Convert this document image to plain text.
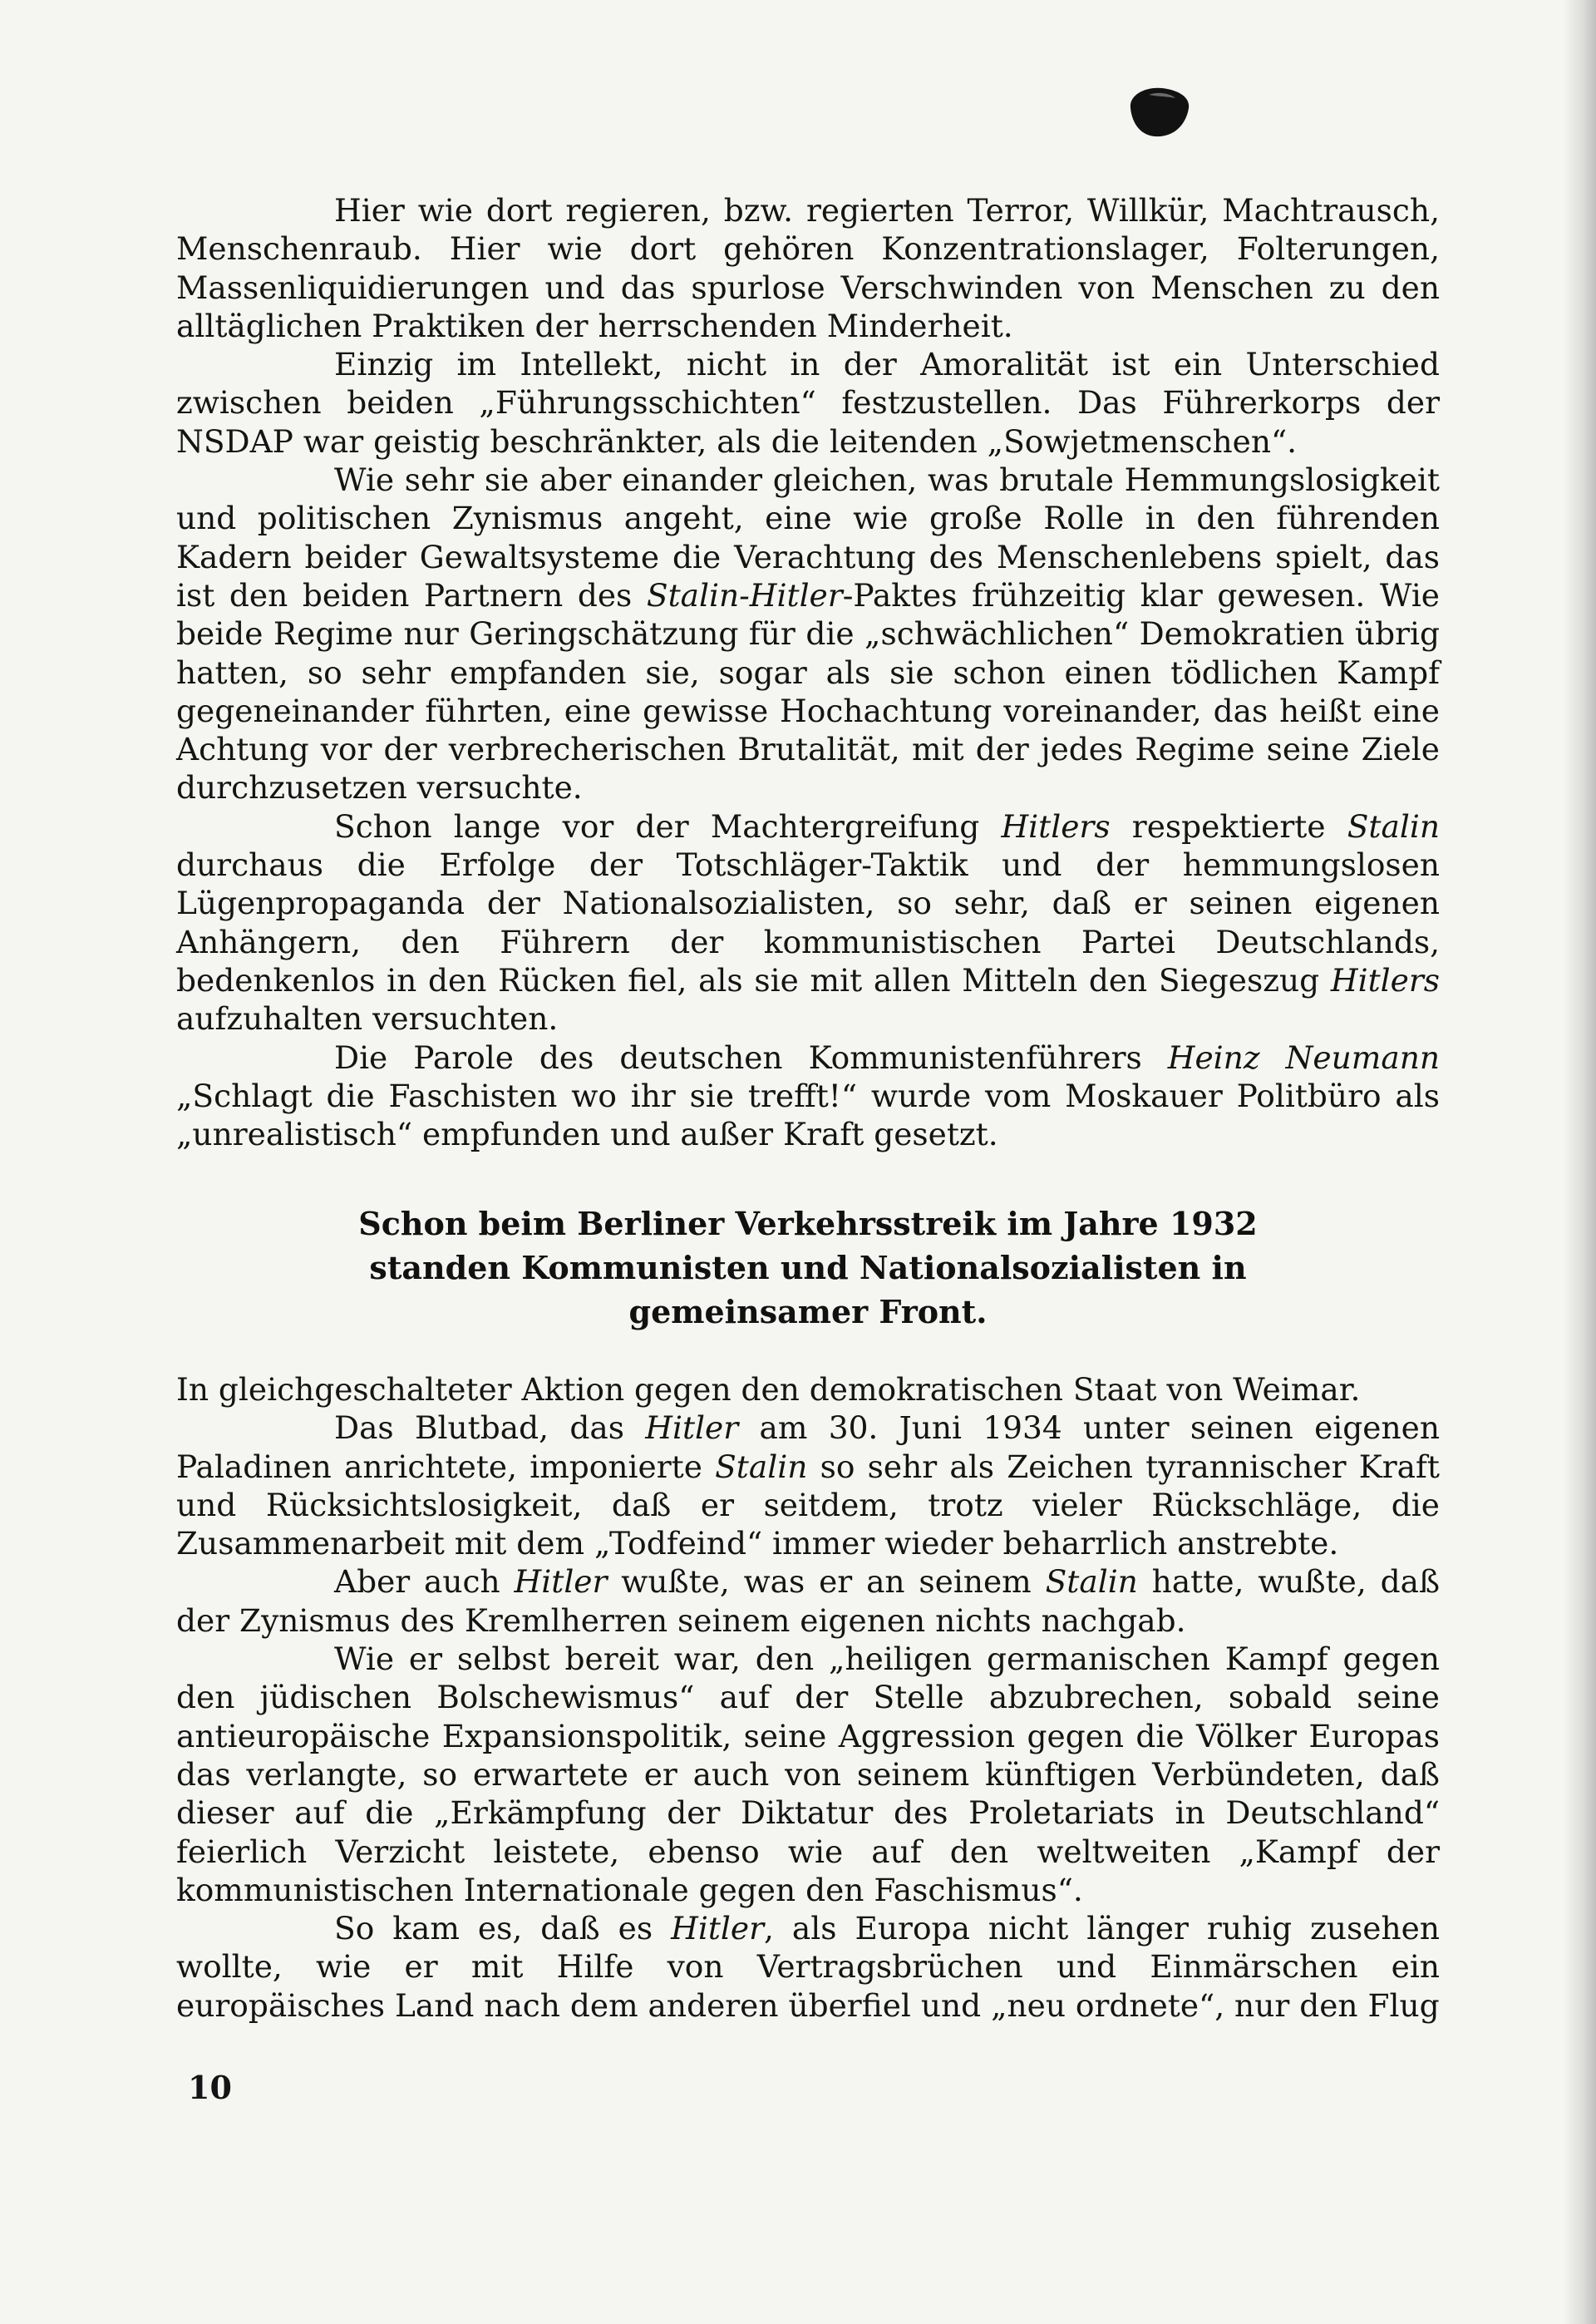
Hier wie dort regieren, bzw. regierten Terror, Willkür, Machtrausch, Menschenraub. Hier wie dort gehören Konzentrationslager, Folterungen, Massenliquidierungen und das spurlose Verschwinden von Menschen zu den alltäglichen Praktiken der herrschenden Minderheit.

Einzig im Intellekt, nicht in der Amoralität ist ein Unterschied zwischen beiden „Führungsschichten“ festzustellen. Das Führerkorps der NSDAP war geistig beschränkter, als die leitenden „Sowjetmenschen“.

Wie sehr sie aber einander gleichen, was brutale Hemmungslosigkeit und politischen Zynismus angeht, eine wie große Rolle in den führenden Kadern beider Gewaltsysteme die Verachtung des Menschenlebens spielt, das ist den beiden Partnern des Stalin-Hitler-Paktes frühzeitig klar gewesen. Wie beide Regime nur Geringschätzung für die „schwächlichen“ Demokratien übrig hatten, so sehr empfanden sie, sogar als sie schon einen tödlichen Kampf gegeneinander führten, eine gewisse Hochachtung voreinander, das heißt eine Achtung vor der verbrecherischen Brutalität, mit der jedes Regime seine Ziele durchzusetzen versuchte.

Schon lange vor der Machtergreifung Hitlers respektierte Stalin durchaus die Erfolge der Totschläger-Taktik und der hemmungslosen Lügenpropaganda der Nationalsozialisten, so sehr, daß er seinen eigenen Anhängern, den Führern der kommunistischen Partei Deutschlands, bedenkenlos in den Rücken fiel, als sie mit allen Mitteln den Siegeszug Hitlers aufzuhalten versuchten.

Die Parole des deutschen Kommunistenführers Heinz Neumann „Schlagt die Faschisten wo ihr sie trefft!“ wurde vom Moskauer Politbüro als „unrealistisch“ empfunden und außer Kraft gesetzt.

Schon beim Berliner Verkehrsstreik im Jahre 1932
standen Kommunisten und Nationalsozialisten in
gemeinsamer Front.

In gleichgeschalteter Aktion gegen den demokratischen Staat von Weimar.

Das Blutbad, das Hitler am 30. Juni 1934 unter seinen eigenen Paladinen anrichtete, imponierte Stalin so sehr als Zeichen tyrannischer Kraft und Rücksichtslosigkeit, daß er seitdem, trotz vieler Rückschläge, die Zusammenarbeit mit dem „Todfeind“ immer wieder beharrlich anstrebte.

Aber auch Hitler wußte, was er an seinem Stalin hatte, wußte, daß der Zynismus des Kremlherren seinem eigenen nichts nachgab.

Wie er selbst bereit war, den „heiligen germanischen Kampf gegen den jüdischen Bolschewismus“ auf der Stelle abzubrechen, sobald seine antieuropäische Expansionspolitik, seine Aggression gegen die Völker Europas das verlangte, so erwartete er auch von seinem künftigen Verbündeten, daß dieser auf die „Erkämpfung der Diktatur des Proletariats in Deutschland“ feierlich Verzicht leistete, ebenso wie auf den weltweiten „Kampf der kommunistischen Internationale gegen den Faschismus“.

So kam es, daß es Hitler, als Europa nicht länger ruhig zusehen wollte, wie er mit Hilfe von Vertragsbrüchen und Einmärschen ein europäisches Land nach dem anderen überfiel und „neu ordnete“, nur den Flug

10
